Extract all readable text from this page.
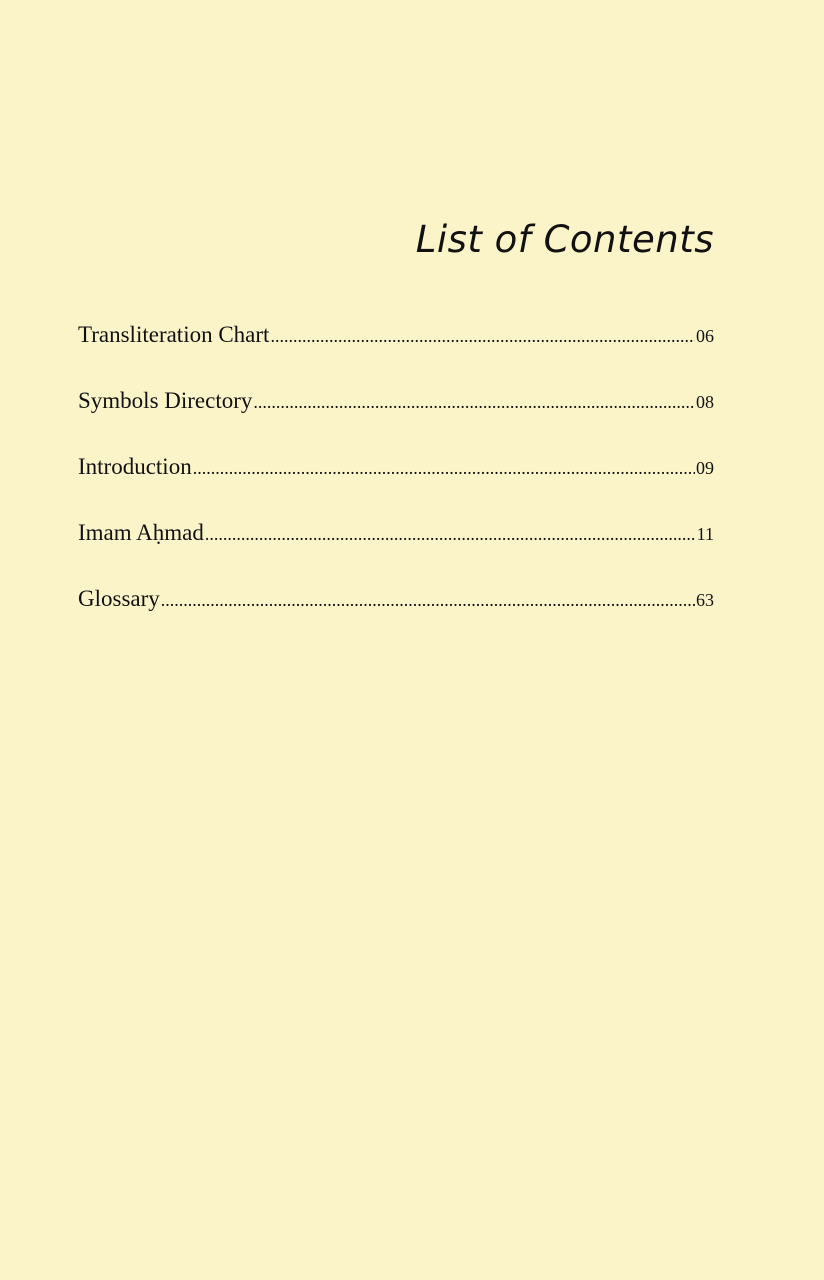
List of Contents
Transliteration Chart .....	06
Symbols Directory .....	08
Introduction .....	09
Imam Aḥmad .....	11
Glossary .....	63
